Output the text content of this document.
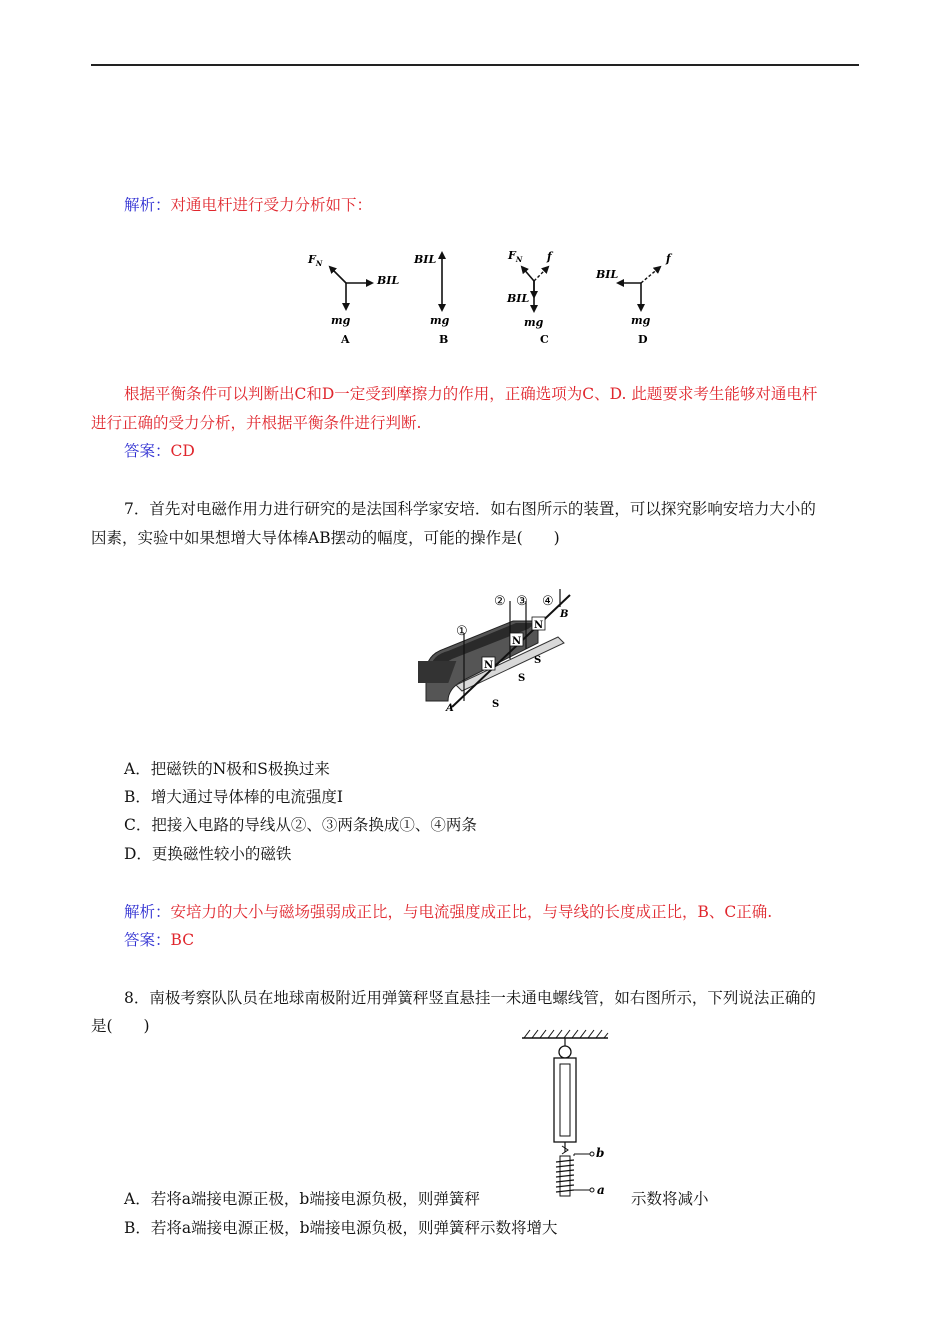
解析：对通电杆进行受力分析如下：
$F_N$
BIL
mg
A
BIL
mg
B
$F_N$ f
BIL
mg
C
BIL
f
mg
D
根据平衡条件可以判断出C和D一定受到摩擦力的作用，正确选项为C、D. 此题要求考生能够对通电杆
进行正确的受力分析，并根据平衡条件进行判断.
答案：CD
7．首先对电磁作用力进行研究的是法国科学家安培．如右图所示的装置，可以探究影响安培力大小的
因素，实验中如果想增大导体棒AB摆动的幅度，可能的操作是(　　)
N
N
N
S
S
S
①
② ③ ④
A
B
A．把磁铁的N极和S极换过来
B．增大通过导体棒的电流强度I
C．把接入电路的导线从②、③两条换成①、④两条
D．更换磁性较小的磁铁
解析：安培力的大小与磁场强弱成正比，与电流强度成正比，与导线的长度成正比，B、C正确.
答案：BC
8．南极考察队队员在地球南极附近用弹簧秤竖直悬挂一未通电螺线管，如右图所示，下列说法正确的
是(　　)
b
a
A．若将a端接电源正极，b端接电源负极，则弹簧秤	示数将减小
B．若将a端接电源正极，b端接电源负极，则弹簧秤示数将增大
